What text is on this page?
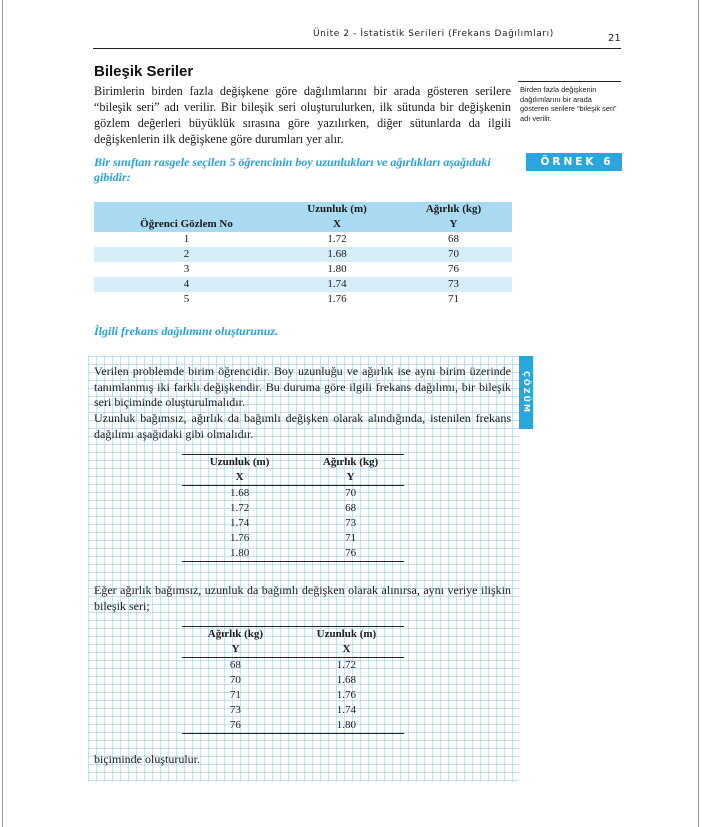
Ünite 2 - İstatistik Serileri (Frekans Dağılımları)	21
Bileşik Seriler

Birimlerin birden fazla değişkene göre dağılımlarını bir arada gösteren serilere “bileşik seri” adı verilir. Bir bileşik seri oluşturulurken, ilk sütunda bir değişkenin gözlem değerleri büyüklük sırasına göre yazılırken, diğer sütunlarda da ilgili değişkenlerin ilk değişkene göre durumları yer alır.

Birden fazla değişkenin dağılımlarını bir arada gösteren serilere “bileşik seri” adı verilir.

Bir sınıftan rasgele seçilen 5 öğrencinin boy uzunlukları ve ağırlıkları aşağıdaki gibidir:

ÖRNEK 6
	Uzunluk (m)	Ağırlık (kg)
Öğrenci Gözlem No	X	Y
1	1.72	68
2	1.68	70
3	1.80	76
4	1.74	73
5	1.76	71
İlgili frekans dağılımını oluşturunuz.
ÇÖZÜM

Verilen problemde birim öğrencidir. Boy uzunluğu ve ağırlık ise aynı birim üzerinde tanımlanmış iki farklı değişkendir. Bu duruma göre ilgili frekans dağılımı, bir bileşik seri biçiminde oluşturulmalıdır.

Uzunluk bağımsız, ağırlık da bağımlı değişken olarak alındığında, istenilen frekans dağılımı aşağıdaki gibi olmalıdır.

Uzunluk (m)	Ağırlık (kg)
X	Y
1.68	70
1.72	68
1.74	73
1.76	71
1.80	76

Eğer ağırlık bağımsız, uzunluk da bağımlı değişken olarak alınırsa, aynı veriye ilişkin bileşik seri;

Ağırlık (kg)	Uzunluk (m)
Y	X
68	1.72
70	1.68
71	1.76
73	1.74
76	1.80

biçiminde oluşturulur.
